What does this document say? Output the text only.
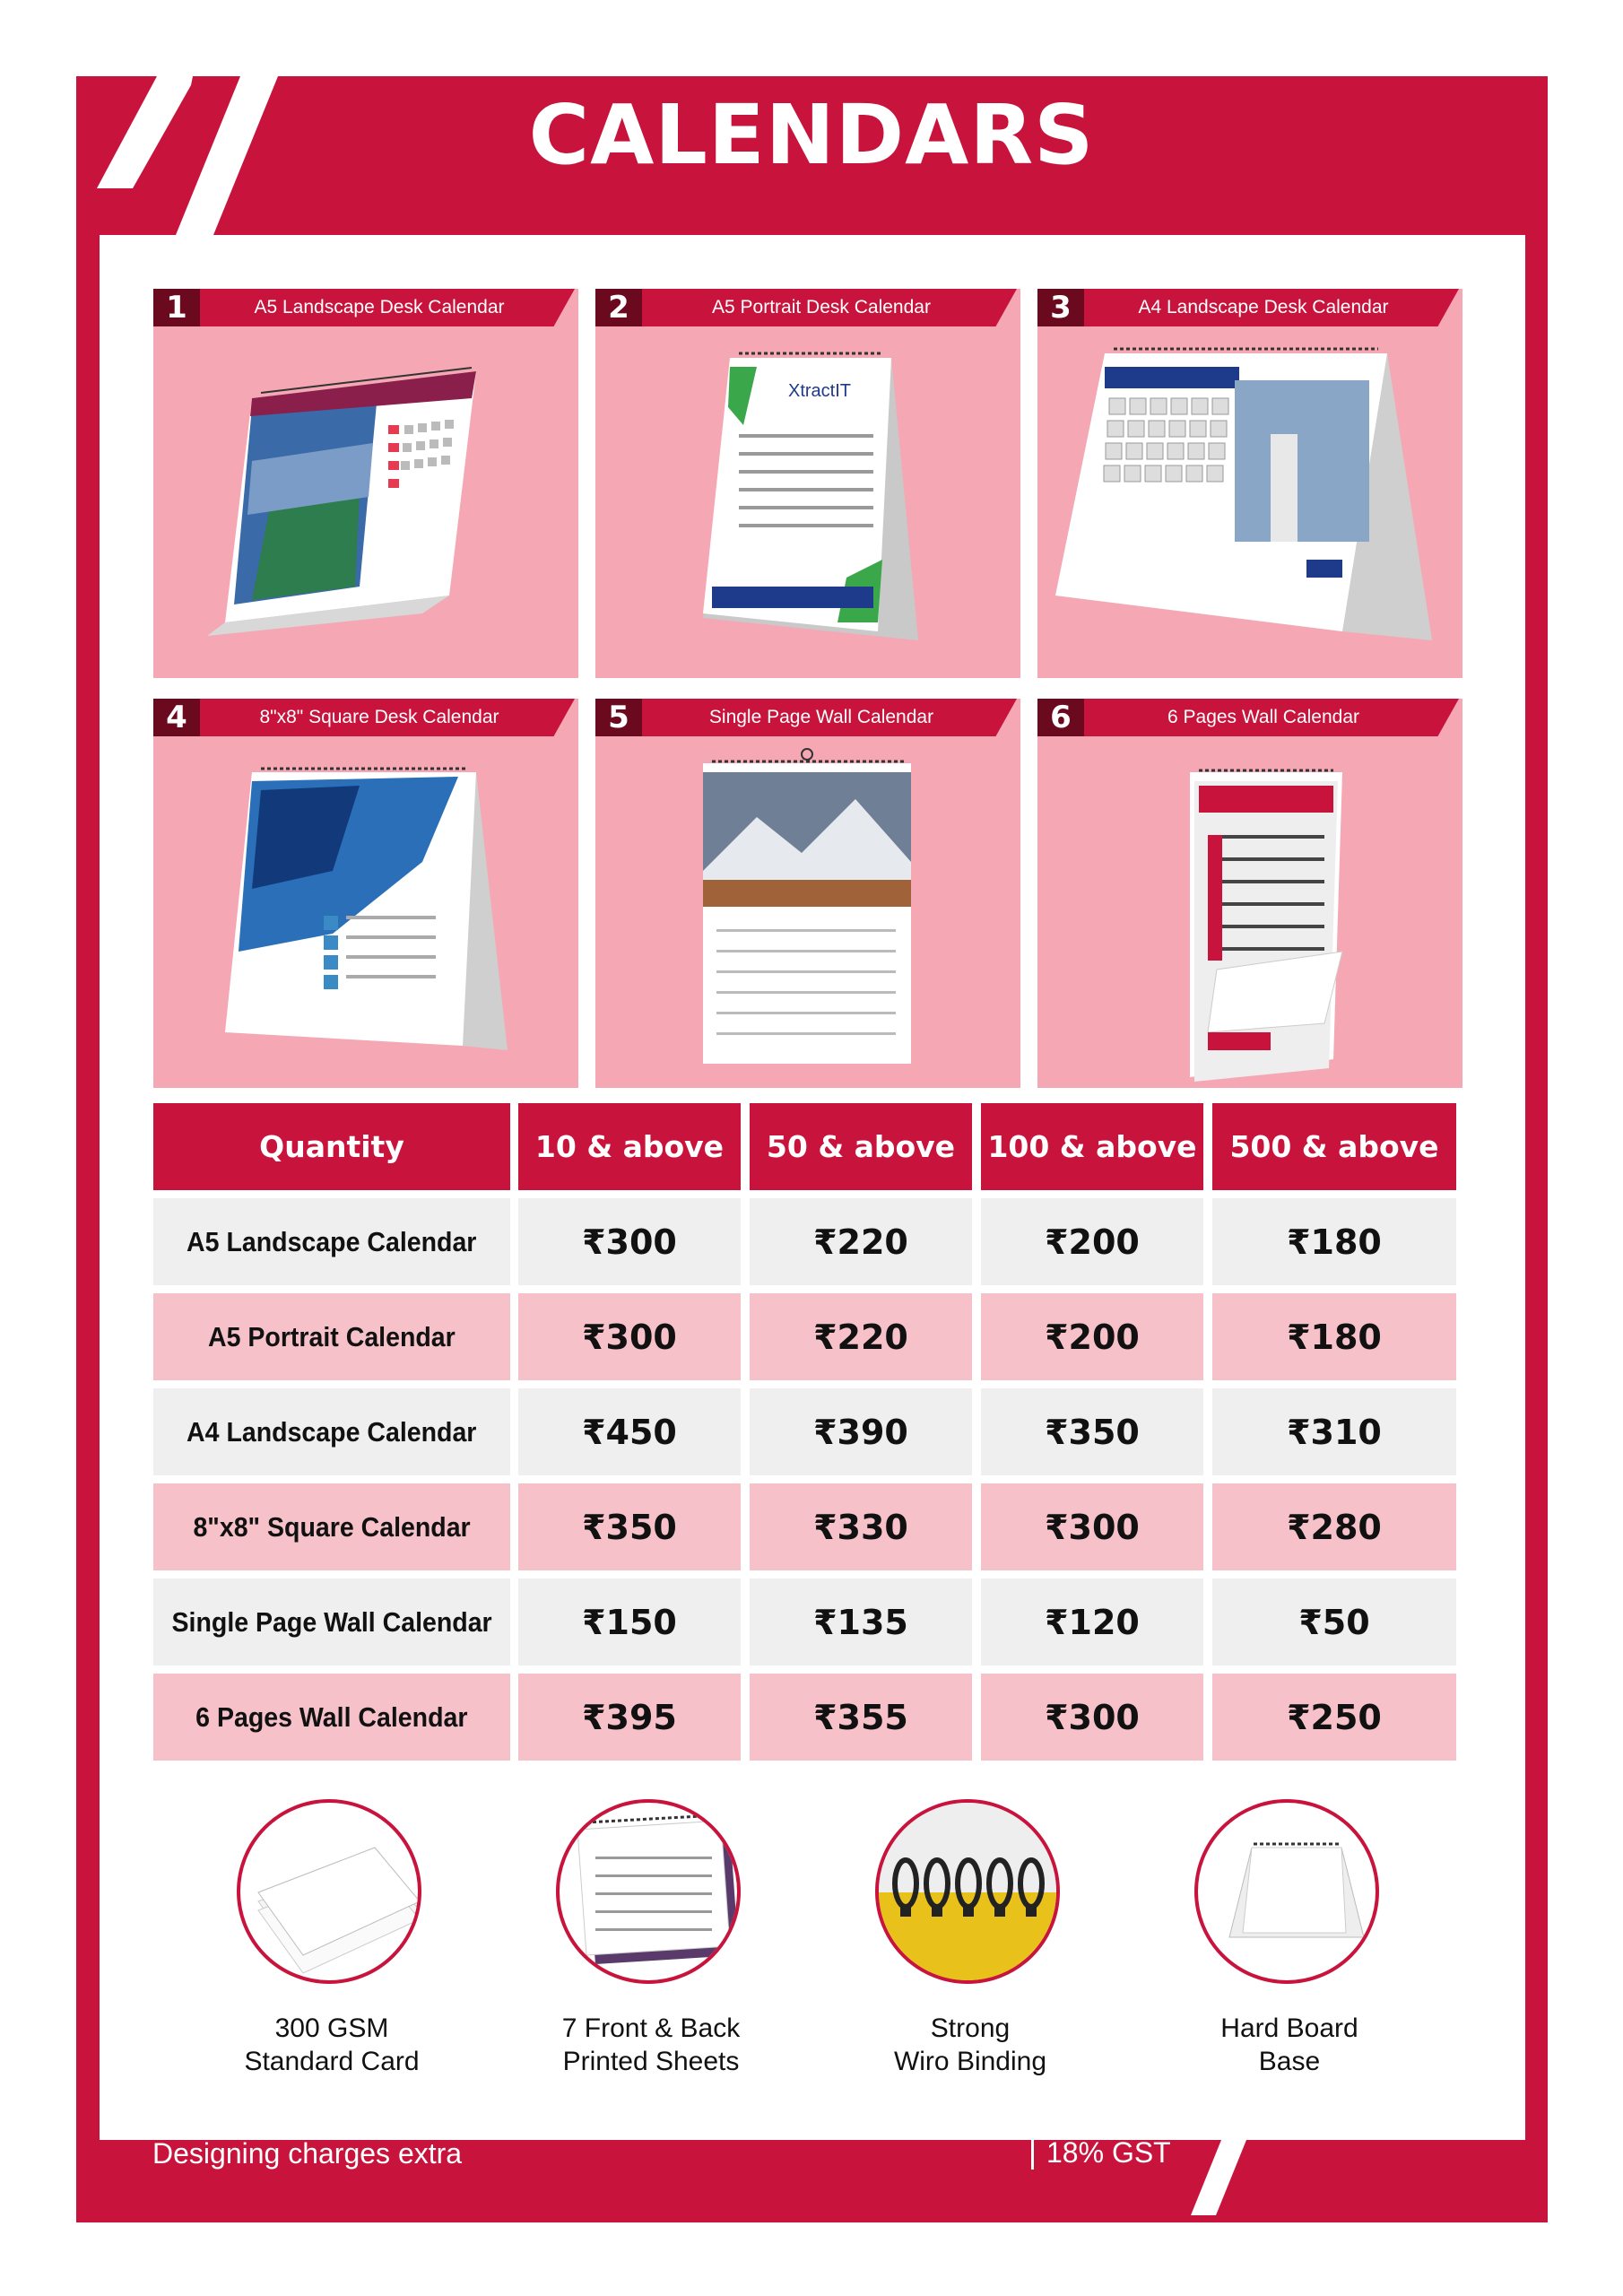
CALENDARS
1	A5 Landscape Desk Calendar	2	A5 Portrait Desk Calendar
XtractIT
3	A4 Landscape Desk Calendar
4	8"x8" Square Desk Calendar	5	Single Page Wall Calendar	6	6 Pages Wall Calendar
Quantity	10 & above	50 & above	100 & above	500 & above
A5 Landscape Calendar	₹300	₹220	₹200	₹180
A5 Portrait Calendar	₹300	₹220	₹200	₹180
A4 Landscape Calendar	₹450	₹390	₹350	₹310
8"x8" Square Calendar	₹350	₹330	₹300	₹280
Single Page Wall Calendar	₹150	₹135	₹120	₹50
6 Pages Wall Calendar	₹395	₹355	₹300	₹250
300 GSM
Standard Card
7 Front & Back
Printed Sheets
Strong
Wiro Binding
Hard Board
Base
Designing charges extra	18% GST
